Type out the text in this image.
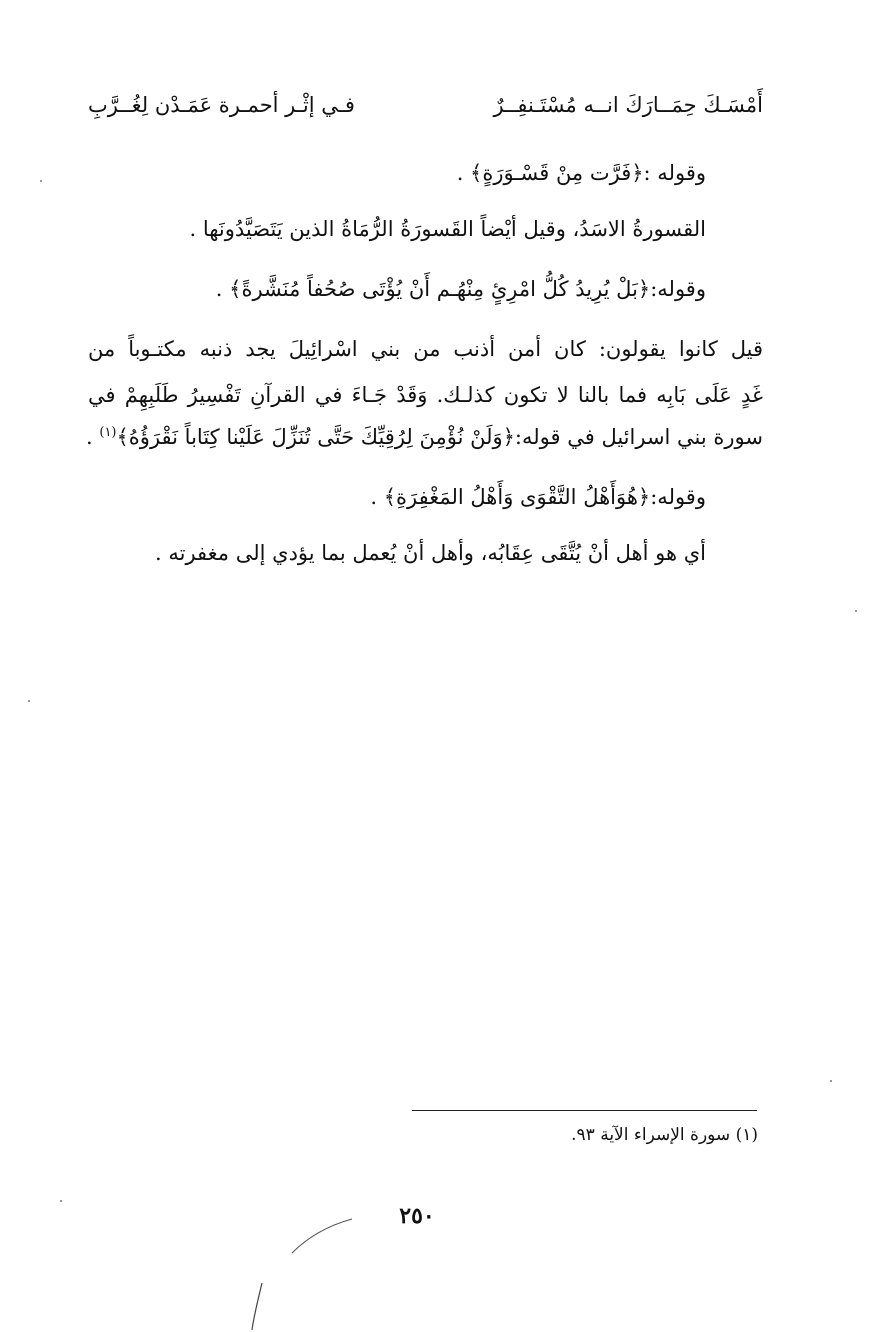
أَمْسَـكَ حِمَــارَكَ انــه مُسْتَـنفِــرٌ
فـي إثْـر أحمـرة عَمَـدْن لِغُــرَّبِ
وقوله :﴿فَرَّت مِنْ قَسْـوَرَةٍ﴾ .
القسورةُ الاسَدُ، وقيل أيْضاً القَسورَةُ الرُّمَاةُ الذين يَتَصَيَّدُونَها .
وقوله:﴿بَلْ يُرِيدُ كُلُّ امْرِئٍ مِنْهُـم أَنْ يُؤْتَى صُحُفاً مُنَشَّرةً﴾ .
قيل كانوا يقولون: كان أمن أذنب من بني اسْرائِيلَ يجد ذنبه مكتـوباً من
غَدٍ عَلَى بَابِه فما بالنا لا تكون كذلـك. وَقَدْ جَـاءَ في القرآنِ تَفْسِيرُ طَلَبِهِمْ في
سورة بني اسرائيل في قوله:﴿وَلَنْ نُؤْمِنَ لِرُقِيِّكَ حَتَّى تُنَزِّلَ عَلَيْنا كِتَاباً نَقْرَؤُهُ﴾$^{(١)}$ .
وقوله:﴿هُوَأَهْلُ التَّقْوَى وَأَهْلُ المَغْفِرَةِ﴾ .
أي هو أهل أنْ يُتَّقَى عِقَابُه، وأهل أنْ يُعمل بما يؤدي إلى مغفرته .
(١) سورة الإسراء الآية ٩٣.
٢٥٠
